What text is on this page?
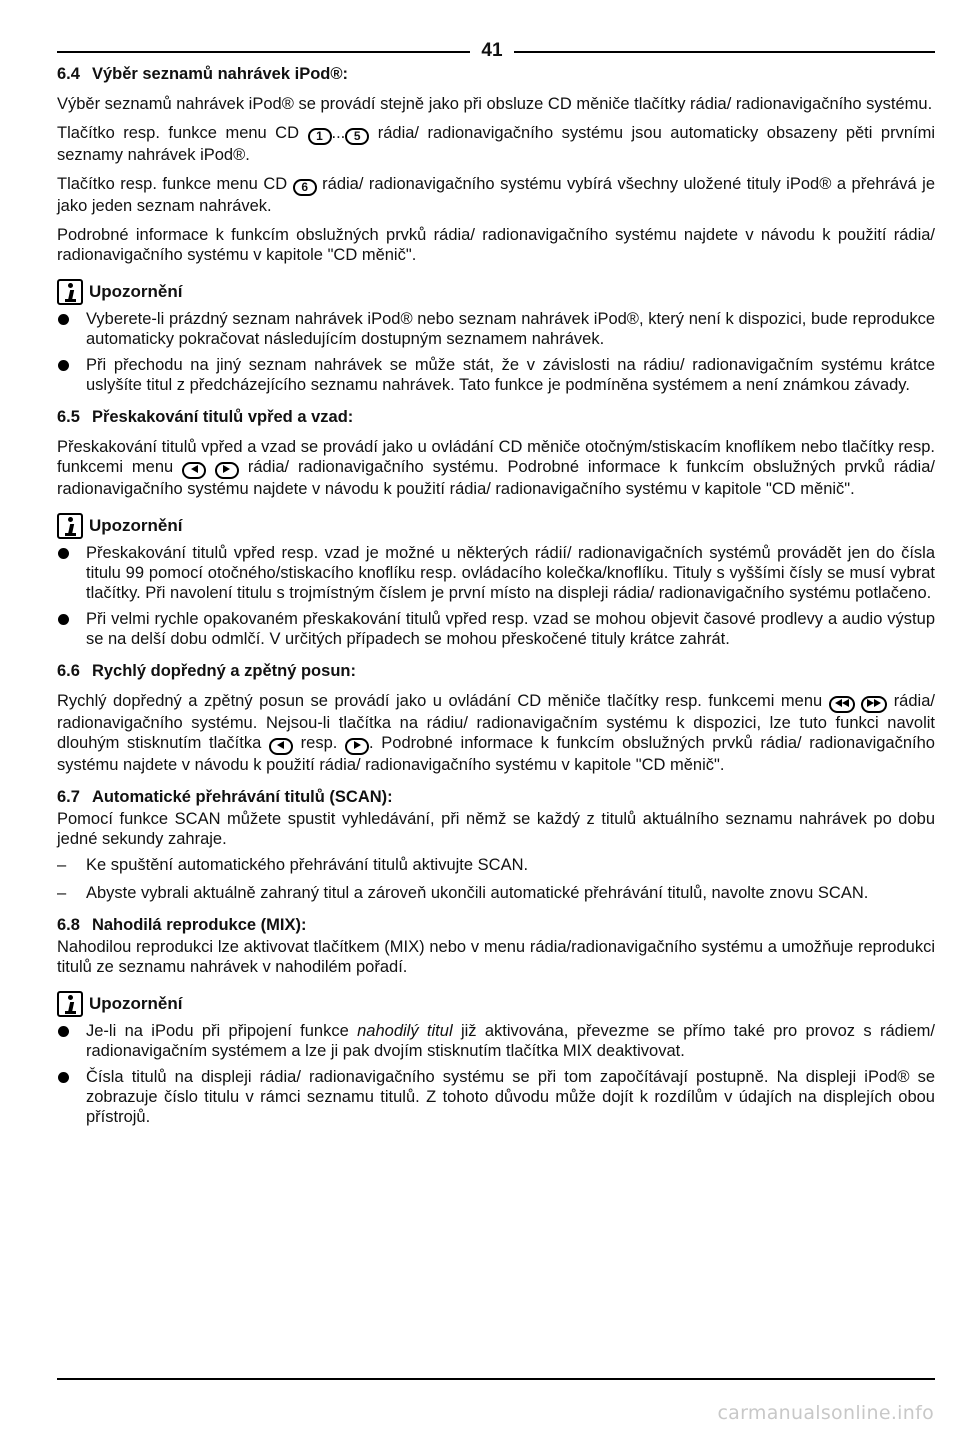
41
6.4 Výběr seznamů nahrávek iPod®:

Výběr seznamů nahrávek iPod® se provádí stejně jako při obsluze CD měniče tlačítky rádia/ radionavigačního systému.

Tlačítko resp. funkce menu CD 1 ... 5 rádia/ radionavigačního systému jsou automaticky obsazeny pěti prvními seznamy nahrávek iPod®.

Tlačítko resp. funkce menu CD 6 rádia/ radionavigačního systému vybírá všechny uložené tituly iPod® a přehrává je jako jeden seznam nahrávek.

Podrobné informace k funkcím obslužných prvků rádia/ radionavigačního systému najdete v návodu k použití rádia/ radionavigačního systému v kapitole "CD měnič".

Upozornění
Vyberete-li prázdný seznam nahrávek iPod® nebo seznam nahrávek iPod®, který není k dispozici, bude reprodukce automaticky pokračovat následujícím dostupným seznamem nahrávek.
Při přechodu na jiný seznam nahrávek se může stát, že v závislosti na rádiu/ radionavigačním systému krátce uslyšíte titul z předcházejícího seznamu nahrávek. Tato funkce je podmíněna systémem a není známkou závady.
6.5 Přeskakování titulů vpřed a vzad:

Přeskakování titulů vpřed a vzad se provádí jako u ovládání CD měniče otočným/stiskacím knoflíkem nebo tlačítky resp. funkcemi menu	rádia/ radionavigačního systému. Podrobné informace k funkcím obslužných prvků rádia/ radionavigačního systému najdete v návodu k použití rádia/ radionavigačního systému v kapitole "CD měnič".

Upozornění
Přeskakování titulů vpřed resp. vzad je možné u některých rádií/ radionavigačních systémů provádět jen do čísla titulu 99 pomocí otočného/stiskacího knoflíku resp. ovládacího kolečka/knoflíku. Tituly s vyššími čísly se musí vybrat tlačítky. Při navolení titulu s trojmístným číslem je první místo na displeji rádia/ radionavigačního systému potlačeno.
Při velmi rychle opakovaném přeskakování titulů vpřed resp. vzad se mohou objevit časové prodlevy a audio výstup se na delší dobu odmlčí. V určitých případech se mohou přeskočené tituly krátce zahrát.
6.6 Rychlý dopředný a zpětný posun:

Rychlý dopředný a zpětný posun se provádí jako u ovládání CD měniče tlačítky resp. funkcemi menu	rádia/ radionavigačního systému. Nejsou-li tlačítka na rádiu/ radionavigačním systému k dispozici, lze tuto funkci navolit dlouhým stisknutím tlačítka resp. . Podrobné informace k funkcím obslužných prvků rádia/ radionavigačního systému najdete v návodu k použití rádia/ radionavigačního systému v kapitole "CD měnič".

6.7 Automatické přehrávání titulů (SCAN):

Pomocí funkce SCAN můžete spustit vyhledávání, při němž se každý z titulů aktuálního seznamu nahrávek po dobu jedné sekundy zahraje.

– Ke spuštění automatického přehrávání titulů aktivujte SCAN.
– Abyste vybrali aktuálně zahraný titul a zároveň ukončili automatické přehrávání titulů, navolte znovu SCAN.
6.8 Nahodilá reprodukce (MIX):

Nahodilou reprodukci lze aktivovat tlačítkem (MIX) nebo v menu rádia/radionavigačního systému a umožňuje reprodukci titulů ze seznamu nahrávek v nahodilém pořadí.

Upozornění
Je-li na iPodu při připojení funkce nahodilý titul již aktivována, převezme se přímo také pro provoz s rádiem/ radionavigačním systémem a lze ji pak dvojím stisknutím tlačítka MIX deaktivovat.
Čísla titulů na displeji rádia/ radionavigačního systému se při tom započítávají postupně. Na displeji iPod® se zobrazuje číslo titulu v rámci seznamu titulů. Z tohoto důvodu může dojít k rozdílům v údajích na displejích obou přístrojů.
carmanualsonline.info
